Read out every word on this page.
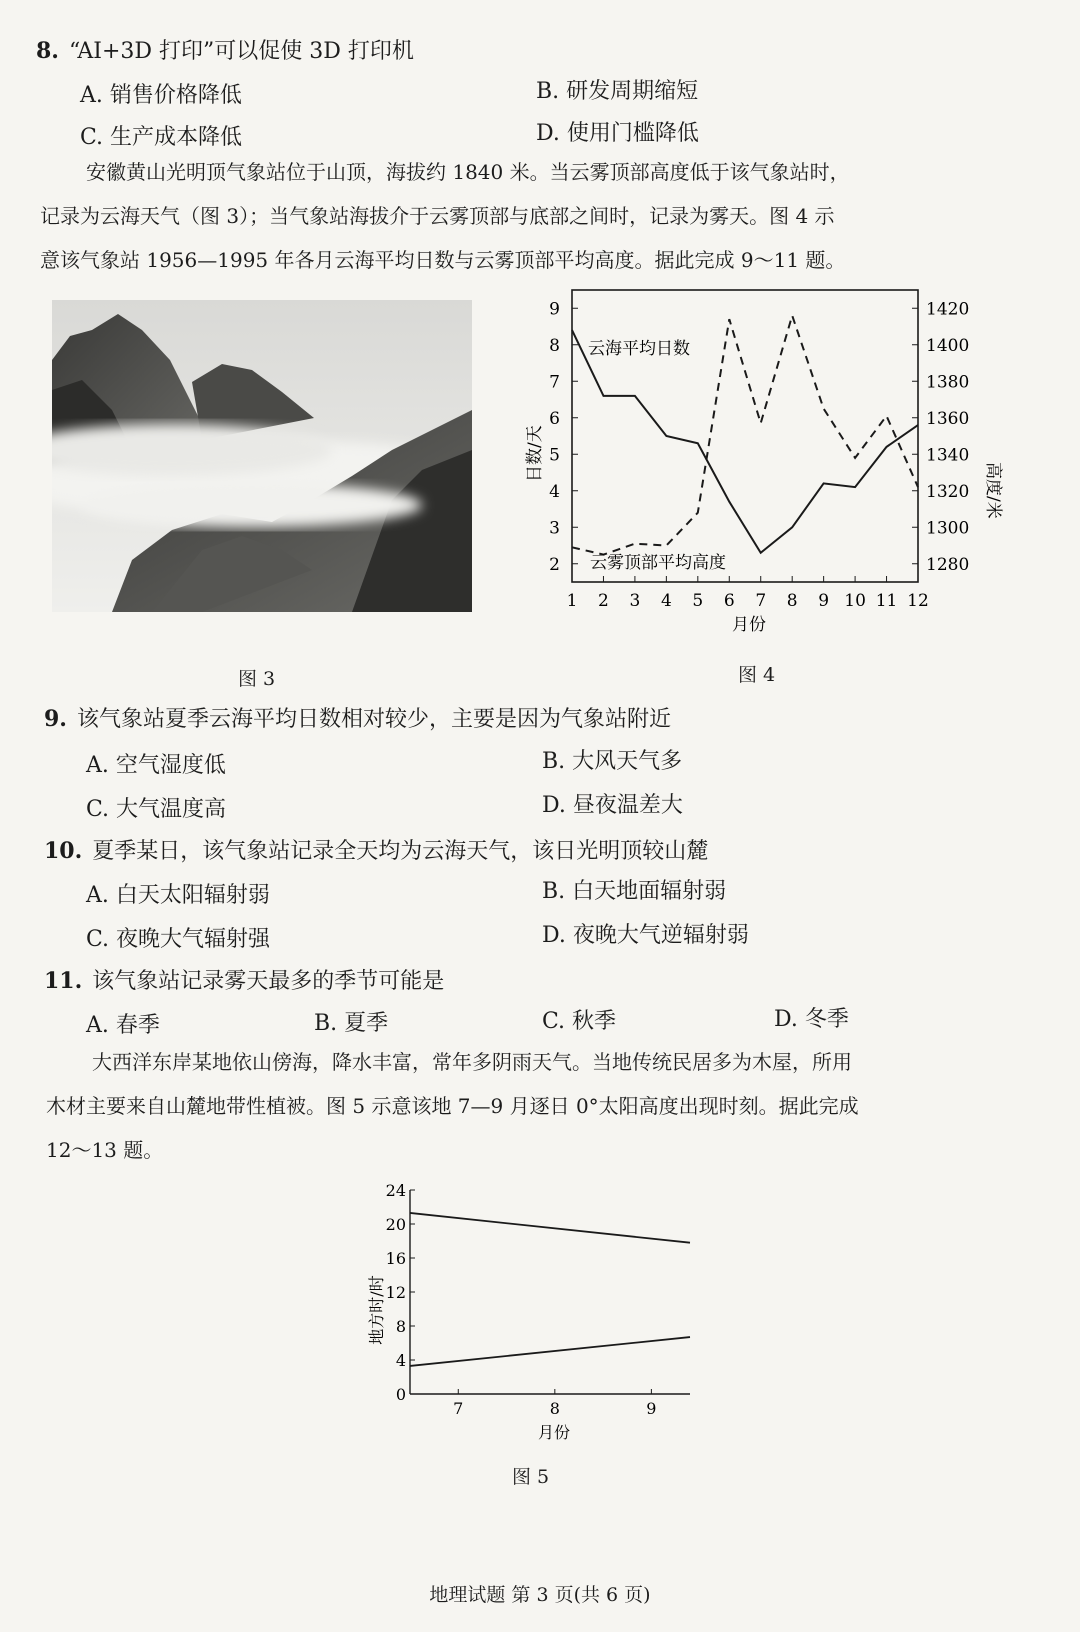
8. “AI+3D 打印”可以促使 3D 打印机
A. 销售价格降低	B. 研发周期缩短
C. 生产成本降低	D. 使用门槛降低
安徽黄山光明顶气象站位于山顶，海拔约 1840 米。当云雾顶部高度低于该气象站时，
记录为云海天气（图 3）；当气象站海拔介于云雾顶部与底部之间时，记录为雾天。图 4 示
意该气象站 1956—1995 年各月云海平均日数与云雾顶部平均高度。据此完成 9～11 题。
图 3
2
3
4
5
6
7
8
9
1280
1300
1320
1340
1360
1380
1400
1420
1 2 3 4 5 6 7 8 9 10 11 12
云海平均日数
云雾顶部平均高度
日数/天
高度/米
月份
图 4
9. 该气象站夏季云海平均日数相对较少，主要是因为气象站附近
A. 空气湿度低	B. 大风天气多
C. 大气温度高	D. 昼夜温差大
10. 夏季某日，该气象站记录全天均为云海天气，该日光明顶较山麓
A. 白天太阳辐射弱	B. 白天地面辐射弱
C. 夜晚大气辐射强	D. 夜晚大气逆辐射弱
11. 该气象站记录雾天最多的季节可能是
A. 春季	B. 夏季	C. 秋季	D. 冬季
大西洋东岸某地依山傍海，降水丰富，常年多阴雨天气。当地传统民居多为木屋，所用
木材主要来自山麓地带性植被。图 5 示意该地 7—9 月逐日 0°太阳高度出现时刻。据此完成
12～13 题。
0
4
8
12
16
20
24
7	8	9
地方时/时
月份
图 5
地理试题 第 3 页(共 6 页)
